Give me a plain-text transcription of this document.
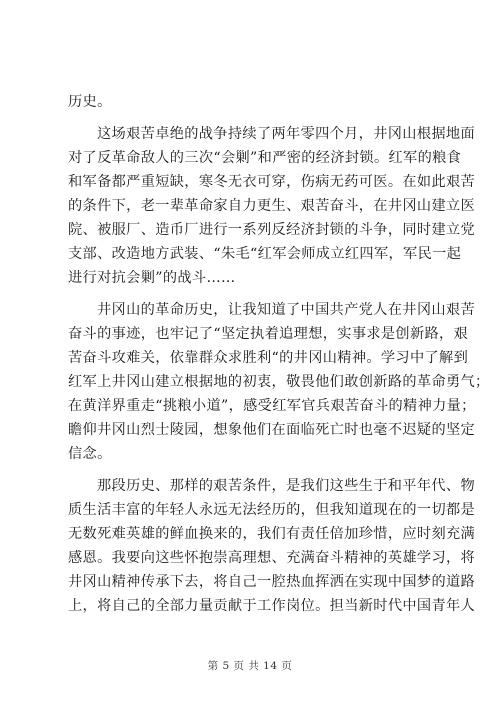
历史。
这场艰苦卓绝的战争持续了两年零四个月，井冈山根据地面
对了反革命敌人的三次“会剿”和严密的经济封锁。红军的粮食
和军备都严重短缺，寒冬无衣可穿，伤病无药可医。在如此艰苦
的条件下，老一辈革命家自力更生、艰苦奋斗，在井冈山建立医
院、被服厂、造币厂进行一系列反经济封锁的斗争，同时建立党
支部、改造地方武装、“朱毛“红军会师成立红四军，军民一起
进行对抗会剿”的战斗……
井冈山的革命历史，让我知道了中国共产党人在井冈山艰苦
奋斗的事迹，也牢记了“坚定执着追理想，实事求是创新路，艰
苦奋斗攻难关，依靠群众求胜利“的井冈山精神。学习中了解到
红军上井冈山建立根据地的初衷，敬畏他们敢创新路的革命勇气；
在黄洋界重走“挑粮小道”，感受红军官兵艰苦奋斗的精神力量；
瞻仰井冈山烈士陵园，想象他们在面临死亡时也毫不迟疑的坚定
信念。
那段历史、那样的艰苦条件，是我们这些生于和平年代、物
质生活丰富的年轻人永远无法经历的，但我知道现在的一切都是
无数死难英雄的鲜血换来的，我们有责任倍加珍惜，应时刻充满
感恩。我要向这些怀抱崇高理想、充满奋斗精神的英雄学习，将
井冈山精神传承下去，将自己一腔热血挥洒在实现中国梦的道路
上，将自己的全部力量贡献于工作岗位。担当新时代中国青年人
第 5 页 共 14 页
